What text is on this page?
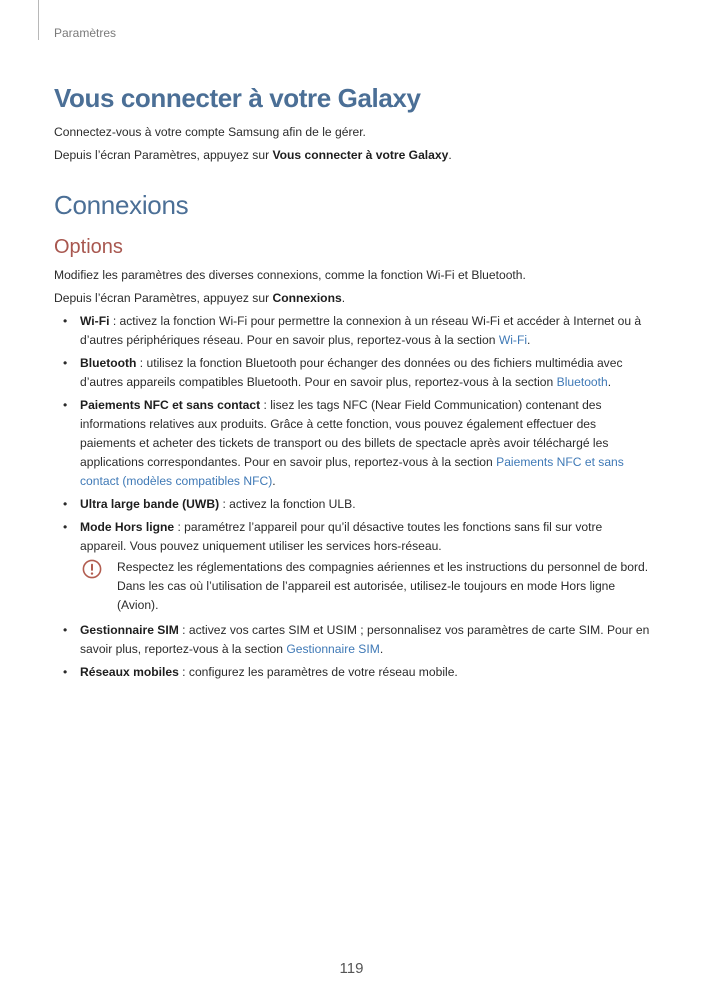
Paramètres
Vous connecter à votre Galaxy

Connectez-vous à votre compte Samsung afin de le gérer.

Depuis l’écran Paramètres, appuyez sur Vous connecter à votre Galaxy.

Connexions
Options

Modifiez les paramètres des diverses connexions, comme la fonction Wi-Fi et Bluetooth.

Depuis l’écran Paramètres, appuyez sur Connexions.

• Wi-Fi : activez la fonction Wi-Fi pour permettre la connexion à un réseau Wi-Fi et accéder à Internet ou à d’autres périphériques réseau. Pour en savoir plus, reportez-vous à la section Wi-Fi.
• Bluetooth : utilisez la fonction Bluetooth pour échanger des données ou des fichiers multimédia avec d’autres appareils compatibles Bluetooth. Pour en savoir plus, reportez-vous à la section Bluetooth.
• Paiements NFC et sans contact : lisez les tags NFC (Near Field Communication) contenant des informations relatives aux produits. Grâce à cette fonction, vous pouvez également effectuer des paiements et acheter des tickets de transport ou des billets de spectacle après avoir téléchargé les applications correspondantes. Pour en savoir plus, reportez-vous à la section Paiements NFC et sans contact (modèles compatibles NFC).
• Ultra large bande (UWB) : activez la fonction ULB.
• Mode Hors ligne : paramétrez l’appareil pour qu’il désactive toutes les fonctions sans fil sur votre appareil. Vous pouvez uniquement utiliser les services hors-réseau.
Respectez les réglementations des compagnies aériennes et les instructions du personnel de bord. Dans les cas où l’utilisation de l’appareil est autorisée, utilisez-le toujours en mode Hors ligne (Avion).
• Gestionnaire SIM : activez vos cartes SIM et USIM ; personnalisez vos paramètres de carte SIM. Pour en savoir plus, reportez-vous à la section Gestionnaire SIM.
• Réseaux mobiles : configurez les paramètres de votre réseau mobile.
119
